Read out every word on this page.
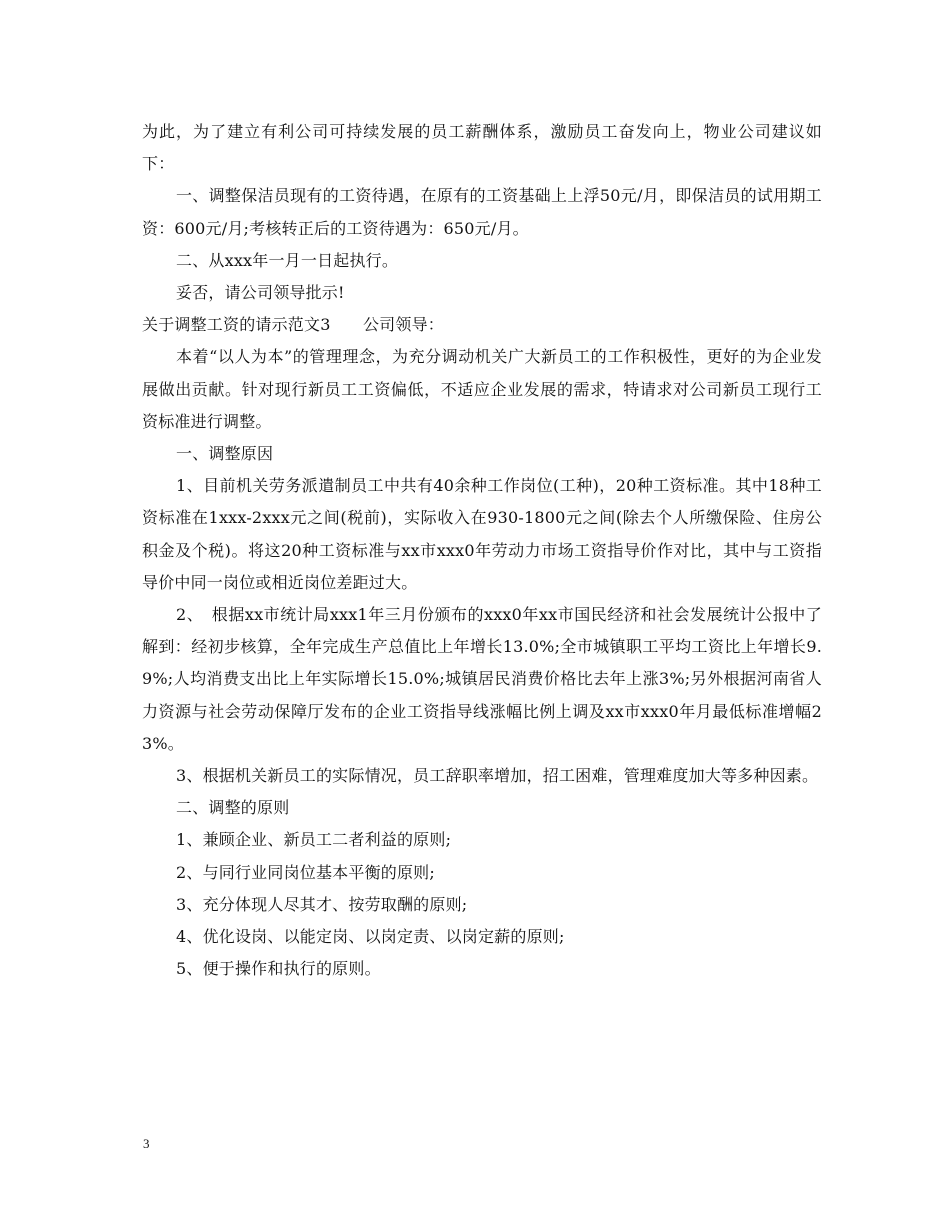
为此，为了建立有利公司可持续发展的员工薪酬体系，激励员工奋发向上，物业公司建议如下：

一、调整保洁员现有的工资待遇，在原有的工资基础上上浮50元/月，即保洁员的试用期工资：600元/月;考核转正后的工资待遇为：650元/月。

二、从xxx年一月一日起执行。

妥否，请公司领导批示!

关于调整工资的请示范文3　　公司领导：

本着“以人为本”的管理理念，为充分调动机关广大新员工的工作积极性，更好的为企业发展做出贡献。针对现行新员工工资偏低，不适应企业发展的需求，特请求对公司新员工现行工资标准进行调整。

一、调整原因

1、目前机关劳务派遣制员工中共有40余种工作岗位(工种)，20种工资标准。其中18种工资标准在1xxx-2xxx元之间(税前)，实际收入在930-1800元之间(除去个人所缴保险、住房公积金及个税)。将这20种工资标准与xx市xxx0年劳动力市场工资指导价作对比，其中与工资指导价中同一岗位或相近岗位差距过大。

2、　根据xx市统计局xxx1年三月份颁布的xxx0年xx市国民经济和社会发展统计公报中了解到：经初步核算，全年完成生产总值比上年增长13.0%;全市城镇职工平均工资比上年增长9.9%;人均消费支出比上年实际增长15.0%;城镇居民消费价格比去年上涨3%;另外根据河南省人力资源与社会劳动保障厅发布的企业工资指导线涨幅比例上调及xx市xxx0年月最低标准增幅23%。

3、根据机关新员工的实际情况，员工辞职率增加，招工困难，管理难度加大等多种因素。

二、调整的原则

1、兼顾企业、新员工二者利益的原则;

2、与同行业同岗位基本平衡的原则;

3、充分体现人尽其才、按劳取酬的原则;

4、优化设岗、以能定岗、以岗定责、以岗定薪的原则;

5、便于操作和执行的原则。

3
